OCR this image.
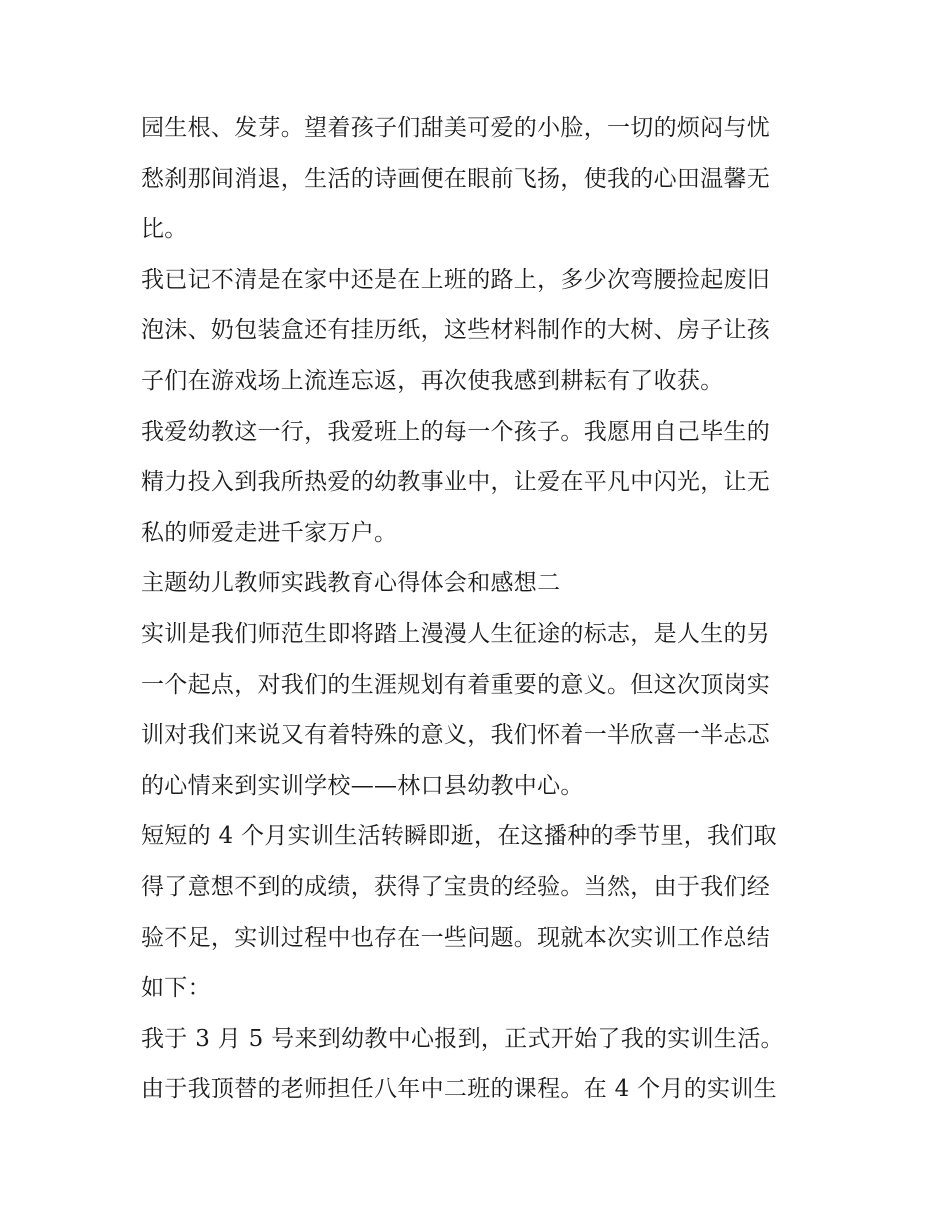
园生根、发芽。望着孩子们甜美可爱的小脸，一切的烦闷与忧
愁刹那间消退，生活的诗画便在眼前飞扬，使我的心田温馨无
比。
我已记不清是在家中还是在上班的路上，多少次弯腰捡起废旧
泡沫、奶包装盒还有挂历纸，这些材料制作的大树、房子让孩
子们在游戏场上流连忘返，再次使我感到耕耘有了收获。
我爱幼教这一行，我爱班上的每一个孩子。我愿用自己毕生的
精力投入到我所热爱的幼教事业中，让爱在平凡中闪光，让无
私的师爱走进千家万户。
主题幼儿教师实践教育心得体会和感想二
实训是我们师范生即将踏上漫漫人生征途的标志，是人生的另
一个起点，对我们的生涯规划有着重要的意义。但这次顶岗实
训对我们来说又有着特殊的意义，我们怀着一半欣喜一半忐忑
的心情来到实训学校——林口县幼教中心。
短短的 4 个月实训生活转瞬即逝，在这播种的季节里，我们取
得了意想不到的成绩，获得了宝贵的经验。当然，由于我们经
验不足，实训过程中也存在一些问题。现就本次实训工作总结
如下：
我于 3 月 5 号来到幼教中心报到，正式开始了我的实训生活。
由于我顶替的老师担任八年中二班的课程。在 4 个月的实训生
